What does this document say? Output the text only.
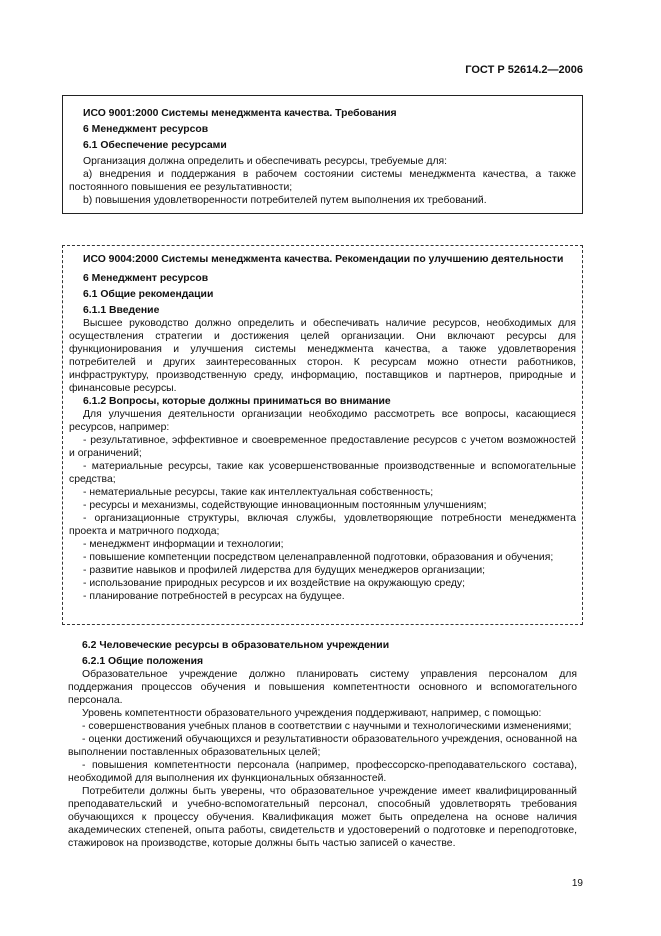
ГОСТ Р 52614.2—2006

ИСО 9001:2000 Системы менеджмента качества. Требования

6 Менеджмент ресурсов

6.1 Обеспечение ресурсами

Организация должна определить и обеспечивать ресурсы, требуемые для:

a) внедрения и поддержания в рабочем состоянии системы менеджмента качества, а также постоянного повышения ее результативности;

b) повышения удовлетворенности потребителей путем выполнения их требований.

ИСО 9004:2000 Системы менеджмента качества. Рекомендации по улучшению деятельности

6 Менеджмент ресурсов

6.1 Общие рекомендации

6.1.1 Введение

Высшее руководство должно определить и обеспечивать наличие ресурсов, необходимых для осуществления стратегии и достижения целей организации. Они включают ресурсы для функционирования и улучшения системы менеджмента качества, а также удовлетворения потребителей и других заинтересованных сторон. К ресурсам можно отнести работников, инфраструктуру, производственную среду, информацию, поставщиков и партнеров, природные и финансовые ресурсы.

6.1.2 Вопросы, которые должны приниматься во внимание

Для улучшения деятельности организации необходимо рассмотреть все вопросы, касающиеся ресурсов, например:

- результативное, эффективное и своевременное предоставление ресурсов с учетом возможностей и ограничений;

- материальные ресурсы, такие как усовершенствованные производственные и вспомогательные средства;

- нематериальные ресурсы, такие как интеллектуальная собственность;

- ресурсы и механизмы, содействующие инновационным постоянным улучшениям;

- организационные структуры, включая службы, удовлетворяющие потребности менеджмента проекта и матричного подхода;

- менеджмент информации и технологии;

- повышение компетенции посредством целенаправленной подготовки, образования и обучения;

- развитие навыков и профилей лидерства для будущих менеджеров организации;

- использование природных ресурсов и их воздействие на окружающую среду;

- планирование потребностей в ресурсах на будущее.

6.2 Человеческие ресурсы в образовательном учреждении

6.2.1 Общие положения

Образовательное учреждение должно планировать систему управления персоналом для поддержания процессов обучения и повышения компетентности основного и вспомогательного персонала.

Уровень компетентности образовательного учреждения поддерживают, например, с помощью:

- совершенствования учебных планов в соответствии с научными и технологическими изменениями;

- оценки достижений обучающихся и результативности образовательного учреждения, основанной на выполнении поставленных образовательных целей;

- повышения компетентности персонала (например, профессорско-преподавательского состава), необходимой для выполнения их функциональных обязанностей.

Потребители должны быть уверены, что образовательное учреждение имеет квалифицированный преподавательский и учебно-вспомогательный персонал, способный удовлетворять требования обучающихся к процессу обучения. Квалификация может быть определена на основе наличия академических степеней, опыта работы, свидетельств и удостоверений о подготовке и переподготовке, стажировок на производстве, которые должны быть частью записей о качестве.

19
